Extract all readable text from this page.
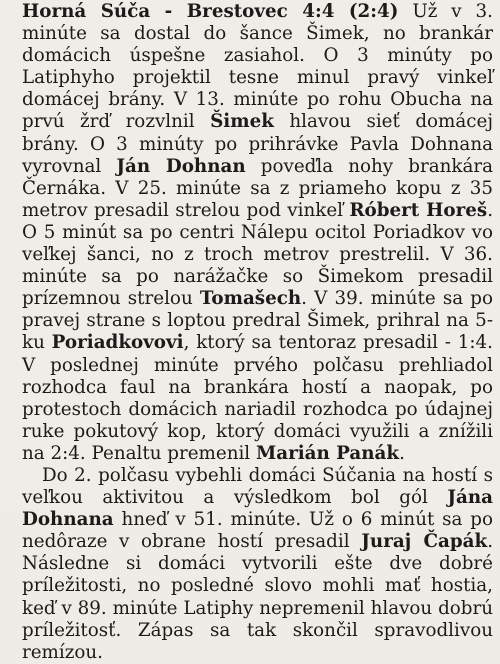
Horná Súča - Brestovec 4:4 (2:4) Už v 3. minúte sa dostal do šance Šimek, no brankár domácich úspešne zasiahol. O 3 minúty po Latiphyho projektil tesne minul pravý vinkeľ domácej brány. V 13. minúte po rohu Obucha na prvú žrď rozvlnil Šimek hlavou sieť domácej brány. O 3 minúty po prihrávke Pavla Dohnana vyrovnal Ján Dohnan poveďla nohy brankára Černáka. V 25. minúte sa z priameho kopu z 35 metrov presadil strelou pod vinkeľ Róbert Horeš. O 5 minút sa po centri Nálepu ocitol Poriadkov vo veľkej šanci, no z troch metrov prestrelil. V 36. minúte sa po narážačke so Šimekom presadil prízemnou strelou Tomašech. V 39. minúte sa po pravej strane s loptou predral Šimek, prihral na 5-ku Poriadkovovi, ktorý sa tentoraz presadil - 1:4. V poslednej minúte prvého polčasu prehliadol rozhodca faul na brankára hostí a naopak, po protestoch domácich nariadil rozhodca po údajnej ruke pokutový kop, ktorý domáci využili a znížili na 2:4. Penaltu premenil Marián Panák.

Do 2. polčasu vybehli domáci Súčania na hostí s veľkou aktivitou a výsledkom bol gól Jána Dohnana hneď v 51. minúte. Už o 6 minút sa po nedôraze v obrane hostí presadil Juraj Čapák. Následne si domáci vytvorili ešte dve dobré príležitosti, no posledné slovo mohli mať hostia, keď v 89. minúte Latiphy nepremenil hlavou dobrú príležitosť. Zápas sa tak skončil spravodlivou remízou.
